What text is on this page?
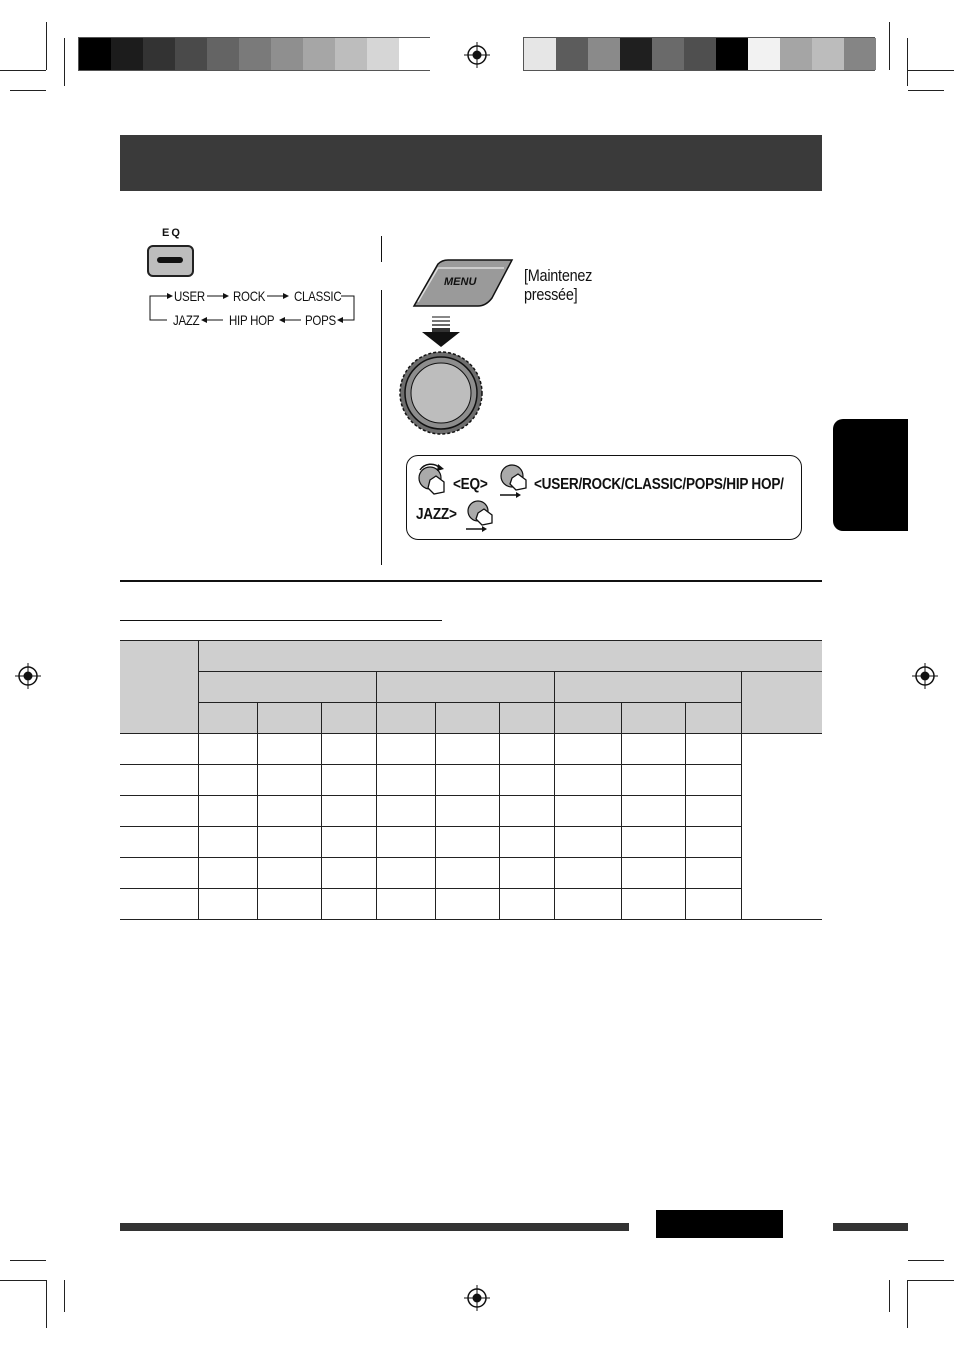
EQ
USER ROCK CLASSIC
JAZZ HIP HOP POPS
MENU	[Maintenez
pressée]
<EQ>	<USER/ROCK/CLASSIC/POPS/HIP HOP/
JAZZ>
